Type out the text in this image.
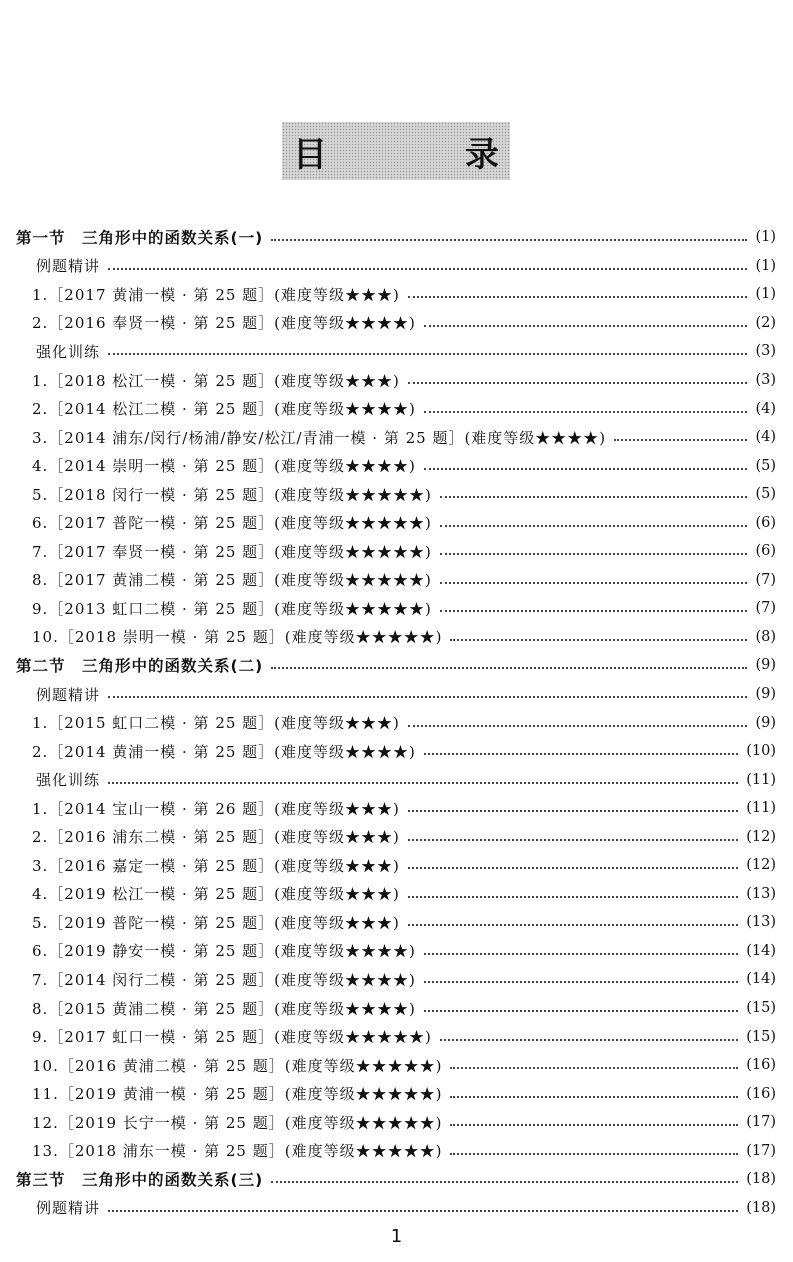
目　录
第一节　三角形中的函数关系(一)	(1)
例题精讲	(1)
1.［2017 黄浦一模 · 第 25 题］(难度等级★★★)	(1)
2.［2016 奉贤一模 · 第 25 题］(难度等级★★★★)	(2)
强化训练	(3)
1.［2018 松江一模 · 第 25 题］(难度等级★★★)	(3)
2.［2014 松江二模 · 第 25 题］(难度等级★★★★)	(4)
3.［2014 浦东/闵行/杨浦/静安/松江/青浦一模 · 第 25 题］(难度等级★★★★)	(4)
4.［2014 崇明一模 · 第 25 题］(难度等级★★★★)	(5)
5.［2018 闵行一模 · 第 25 题］(难度等级★★★★★)	(5)
6.［2017 普陀一模 · 第 25 题］(难度等级★★★★★)	(6)
7.［2017 奉贤一模 · 第 25 题］(难度等级★★★★★)	(6)
8.［2017 黄浦二模 · 第 25 题］(难度等级★★★★★)	(7)
9.［2013 虹口二模 · 第 25 题］(难度等级★★★★★)	(7)
10.［2018 崇明一模 · 第 25 题］(难度等级★★★★★)	(8)
第二节　三角形中的函数关系(二)	(9)
例题精讲	(9)
1.［2015 虹口二模 · 第 25 题］(难度等级★★★)	(9)
2.［2014 黄浦一模 · 第 25 题］(难度等级★★★★)	(10)
强化训练	(11)
1.［2014 宝山一模 · 第 26 题］(难度等级★★★)	(11)
2.［2016 浦东二模 · 第 25 题］(难度等级★★★)	(12)
3.［2016 嘉定一模 · 第 25 题］(难度等级★★★)	(12)
4.［2019 松江一模 · 第 25 题］(难度等级★★★)	(13)
5.［2019 普陀一模 · 第 25 题］(难度等级★★★)	(13)
6.［2019 静安一模 · 第 25 题］(难度等级★★★★)	(14)
7.［2014 闵行二模 · 第 25 题］(难度等级★★★★)	(14)
8.［2015 黄浦二模 · 第 25 题］(难度等级★★★★)	(15)
9.［2017 虹口一模 · 第 25 题］(难度等级★★★★★)	(15)
10.［2016 黄浦二模 · 第 25 题］(难度等级★★★★★)	(16)
11.［2019 黄浦一模 · 第 25 题］(难度等级★★★★★)	(16)
12.［2019 长宁一模 · 第 25 题］(难度等级★★★★★)	(17)
13.［2018 浦东一模 · 第 25 题］(难度等级★★★★★)	(17)
第三节　三角形中的函数关系(三)	(18)
例题精讲	(18)
1
